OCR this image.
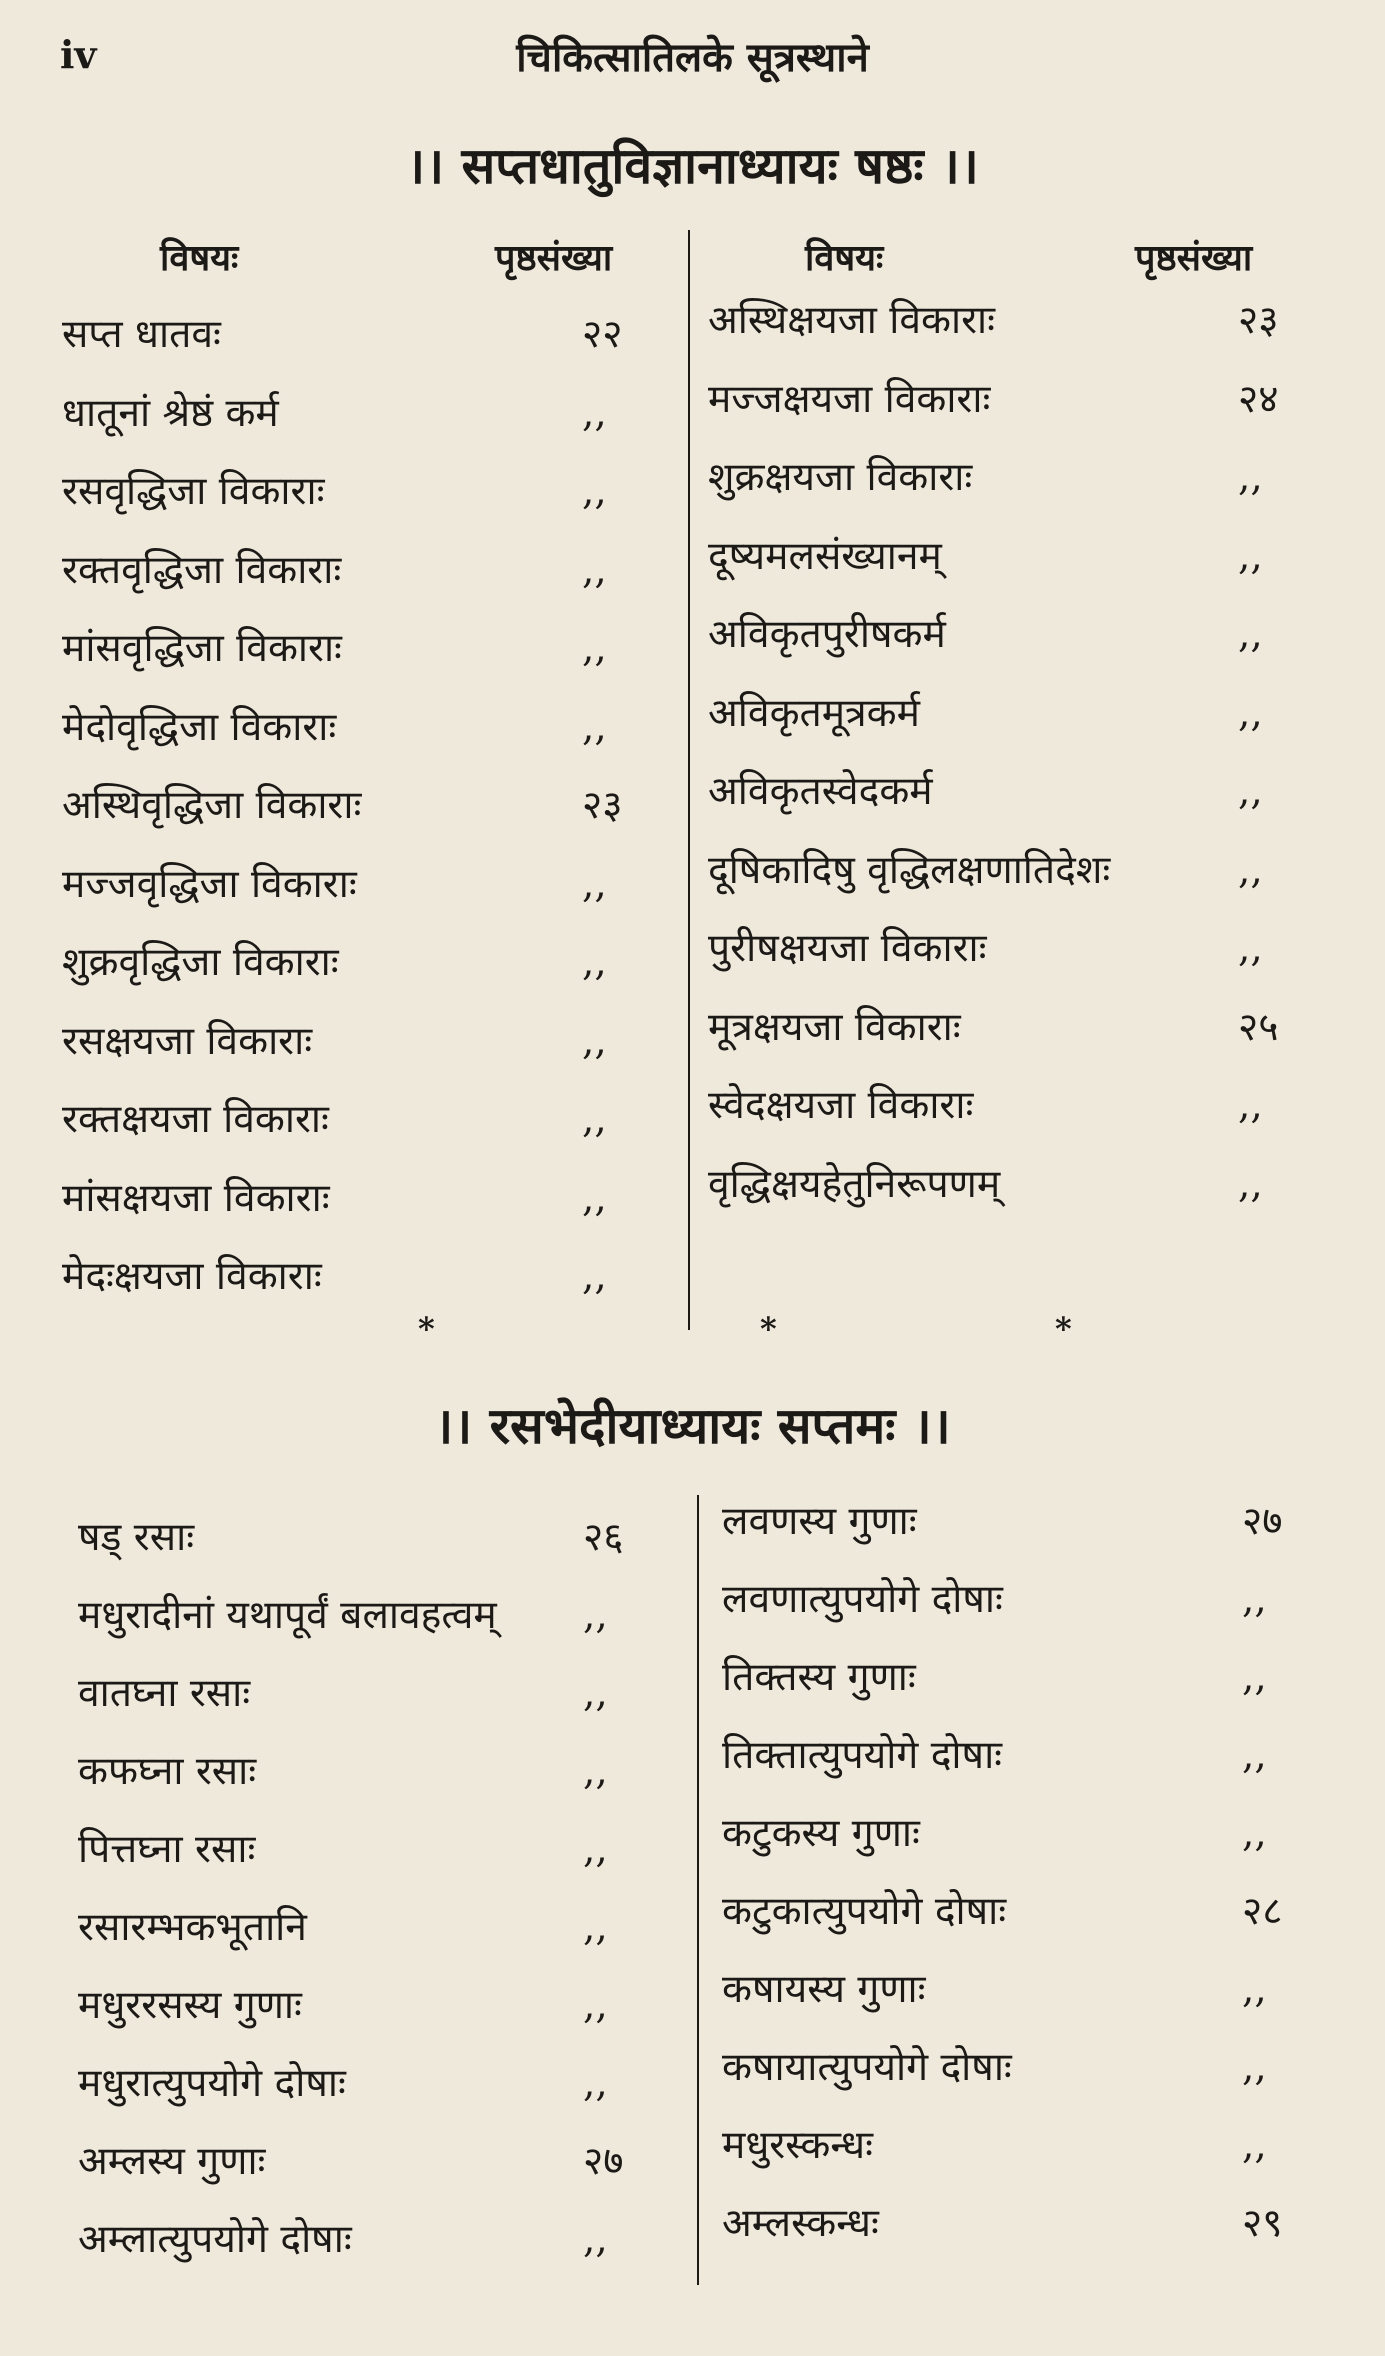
iv	चिकित्सातिलके सूत्रस्थाने
।। सप्तधातुविज्ञानाध्यायः षष्ठः ।।
विषयः	पृष्ठसंख्या	विषयः	पृष्ठसंख्या
सप्त धातवः	२२
धातूनां श्रेष्ठं कर्म	,,
रसवृद्धिजा विकाराः	,,
रक्तवृद्धिजा विकाराः	,,
मांसवृद्धिजा विकाराः	,,
मेदोवृद्धिजा विकाराः	,,
अस्थिवृद्धिजा विकाराः	२३
मज्जवृद्धिजा विकाराः	,,
शुक्रवृद्धिजा विकाराः	,,
रसक्षयजा विकाराः	,,
रक्तक्षयजा विकाराः	,,
मांसक्षयजा विकाराः	,,
मेदःक्षयजा विकाराः	,,
अस्थिक्षयजा विकाराः	२३
मज्जक्षयजा विकाराः	२४
शुक्रक्षयजा विकाराः	,,
दूष्यमलसंख्यानम्	,,
अविकृतपुरीषकर्म	,,
अविकृतमूत्रकर्म	,,
अविकृतस्वेदकर्म	,,
दूषिकादिषु वृद्धिलक्षणातिदेशः	,,
पुरीषक्षयजा विकाराः	,,
मूत्रक्षयजा विकाराः	२५
स्वेदक्षयजा विकाराः	,,
वृद्धिक्षयहेतुनिरूपणम्	,,
*	*	*
।। रसभेदीयाध्यायः सप्तमः ।।
षड् रसाः	२६
मधुरादीनां यथापूर्वं बलावहत्वम् ,,
वातघ्ना रसाः	,,
कफघ्ना रसाः	,,
पित्तघ्ना रसाः	,,
रसारम्भकभूतानि	,,
मधुररसस्य गुणाः	,,
मधुरात्युपयोगे दोषाः	,,
अम्लस्य गुणाः	२७
अम्लात्युपयोगे दोषाः	,,
लवणस्य गुणाः	२७
लवणात्युपयोगे दोषाः	,,
तिक्तस्य गुणाः	,,
तिक्तात्युपयोगे दोषाः	,,
कटुकस्य गुणाः	,,
कटुकात्युपयोगे दोषाः	२८
कषायस्य गुणाः	,,
कषायात्युपयोगे दोषाः	,,
मधुरस्कन्धः	,,
अम्लस्कन्धः	२९
